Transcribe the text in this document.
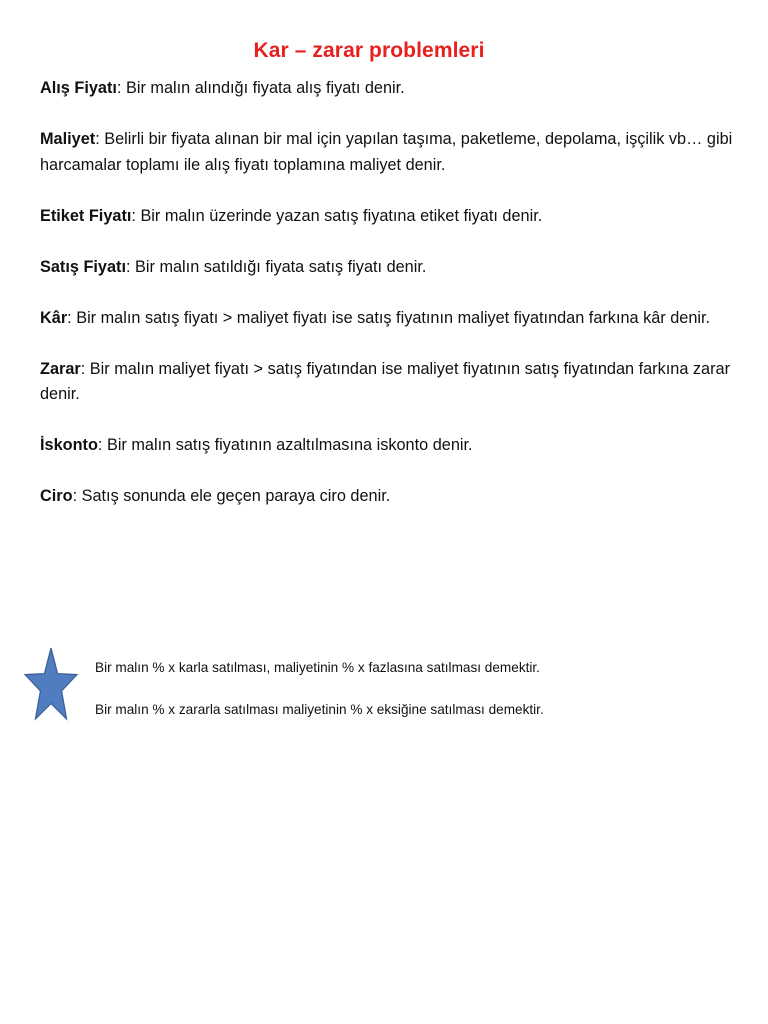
Kar – zarar problemleri

Alış Fiyatı: Bir malın alındığı fiyata alış fiyatı denir.

Maliyet: Belirli bir fiyata alınan bir mal için yapılan taşıma, paketleme, depolama, işçilik vb… gibi harcamalar toplamı ile alış fiyatı toplamına maliyet denir.

Etiket Fiyatı: Bir malın üzerinde yazan satış fiyatına etiket fiyatı denir.

Satış Fiyatı: Bir malın satıldığı fiyata satış fiyatı denir.

Kâr: Bir malın satış fiyatı > maliyet fiyatı ise satış fiyatının maliyet fiyatından farkına kâr denir.

Zarar: Bir malın maliyet fiyatı > satış fiyatından ise maliyet fiyatının satış fiyatından farkına zarar denir.

İskonto: Bir malın satış fiyatının azaltılmasına iskonto denir.

Ciro: Satış sonunda ele geçen paraya ciro denir.

Bir malın % x karla satılması, maliyetinin % x fazlasına satılması demektir.

Bir malın % x zararla satılması maliyetinin % x eksiğine satılması demektir.
